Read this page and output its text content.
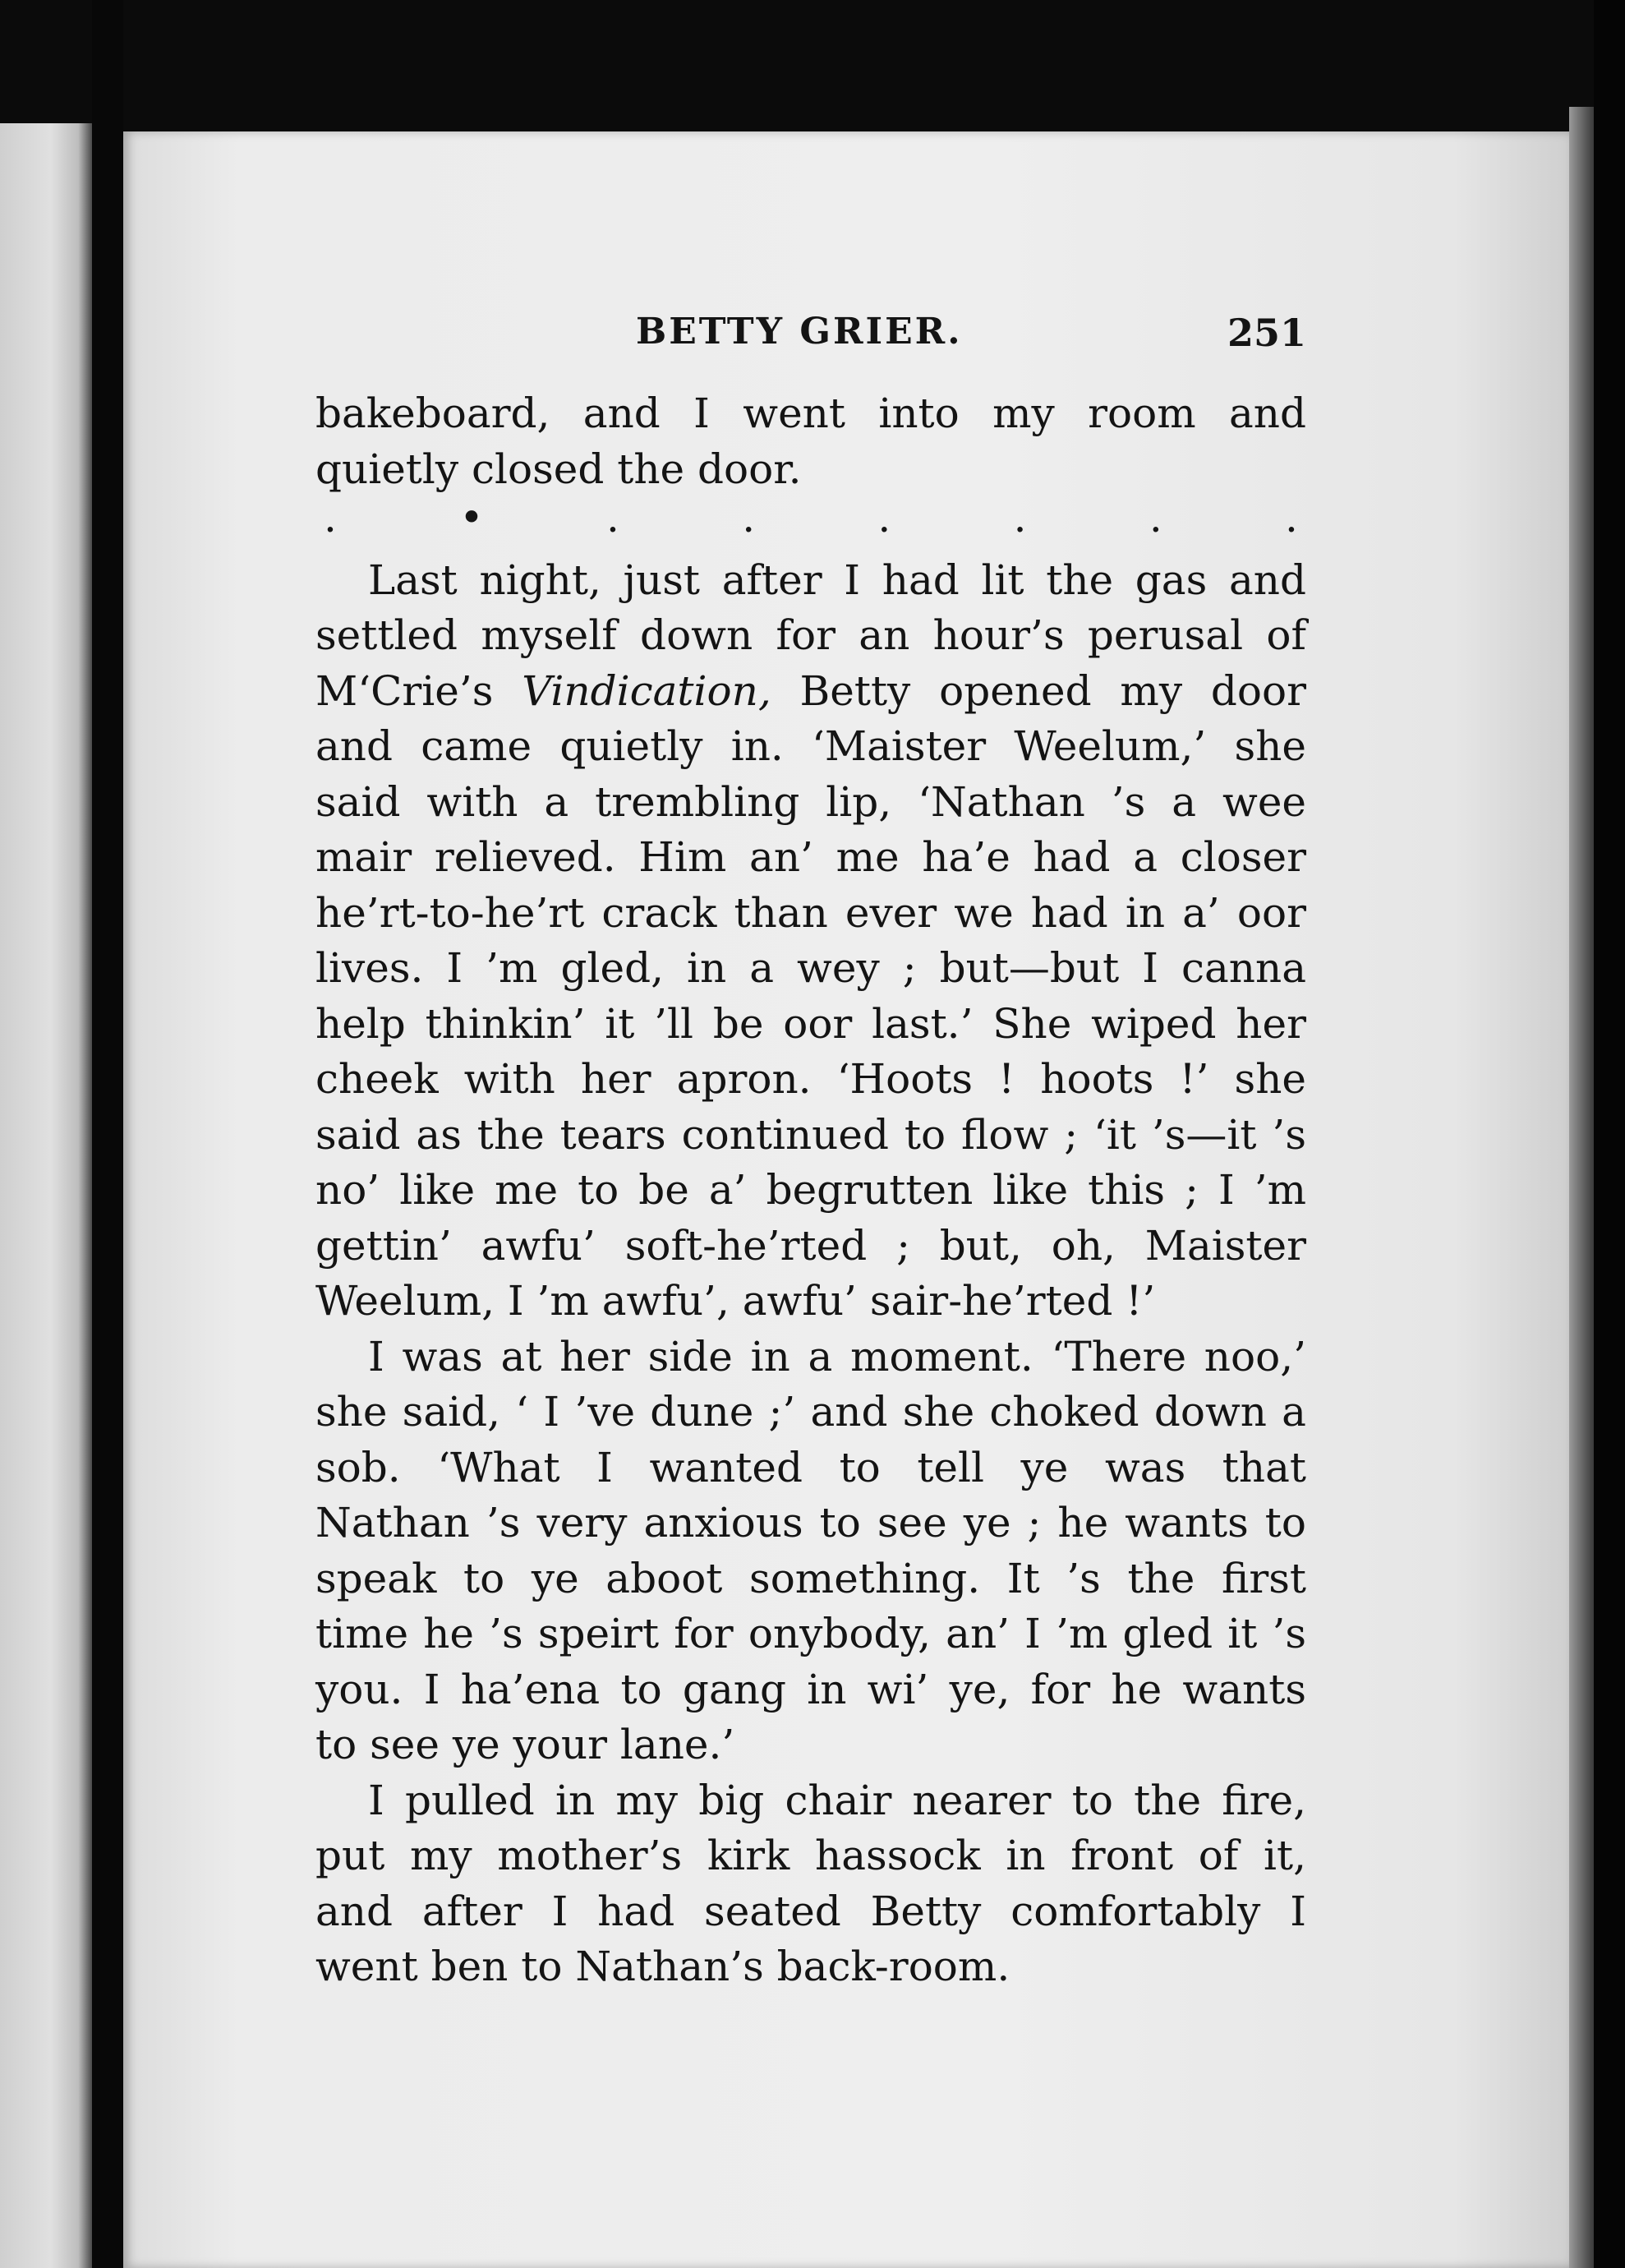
BETTY GRIER.	251

bakeboard, and I went into my room and
quietly closed the door.

.	•	.	.	.	.	.	.

Last night, just after I had lit the gas and
settled myself down for an hour’s perusal of
M‘Crie’s Vindication, Betty opened my door
and came quietly in. ‘Maister Weelum,’ she
said with a trembling lip, ‘Nathan ’s a wee
mair relieved. Him an’ me ha’e had a closer
he’rt-to-he’rt crack than ever we had in a’ oor
lives. I ’m gled, in a wey ; but—but I canna
help thinkin’ it ’ll be oor last.’ She wiped her
cheek with her apron. ‘Hoots ! hoots !’ she
said as the tears continued to flow ; ‘it ’s—it ’s
no’ like me to be a’ begrutten like this ; I ’m
gettin’ awfu’ soft-he’rted ; but, oh, Maister
Weelum, I ’m awfu’, awfu’ sair-he’rted !’

I was at her side in a moment. ‘There noo,’
she said, ‘ I ’ve dune ;’ and she choked down a
sob. ‘What I wanted to tell ye was that
Nathan ’s very anxious to see ye ; he wants to
speak to ye aboot something. It ’s the first
time he ’s speirt for onybody, an’ I ’m gled it ’s
you. I ha’ena to gang in wi’ ye, for he wants
to see ye your lane.’

I pulled in my big chair nearer to the fire,
put my mother’s kirk hassock in front of it,
and after I had seated Betty comfortably I
went ben to Nathan’s back-room.
